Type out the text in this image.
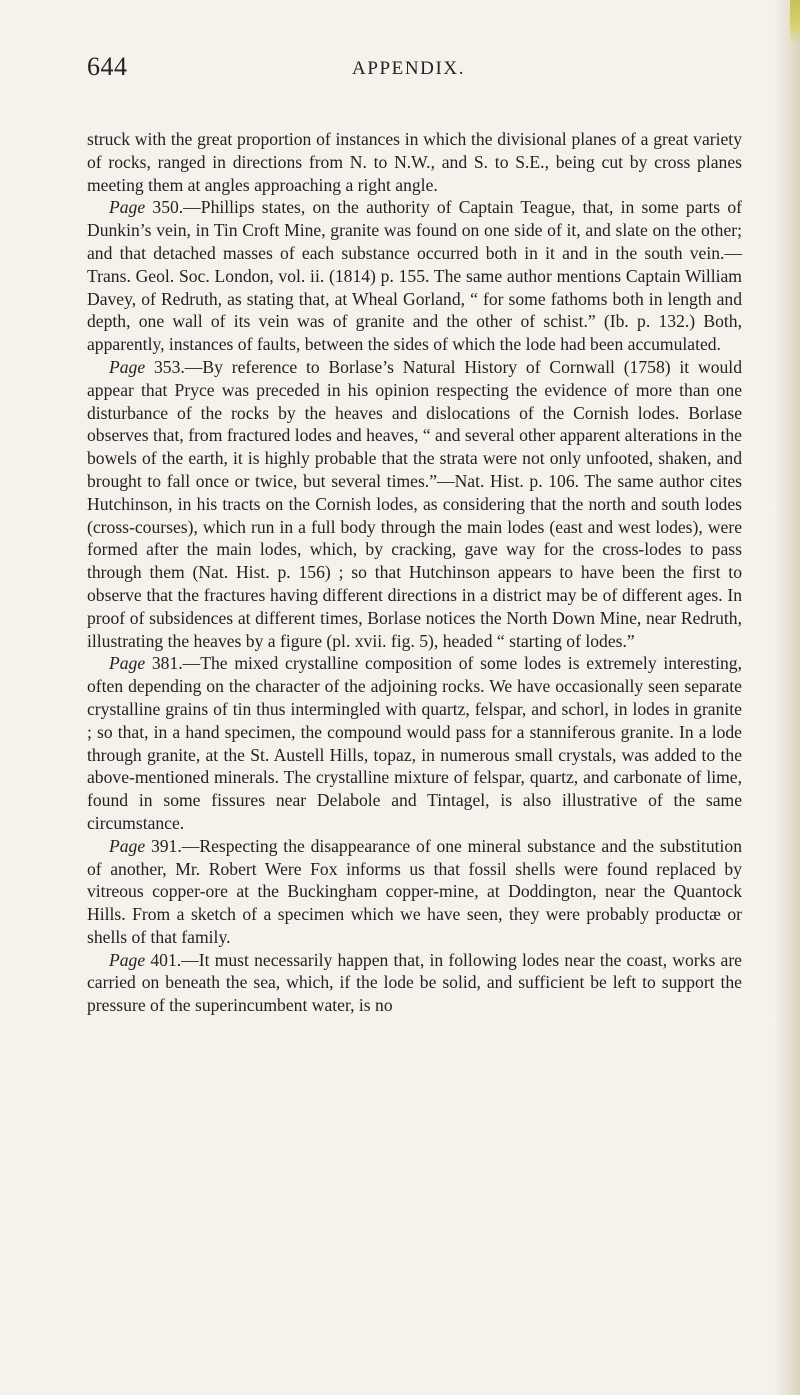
644	APPENDIX.

struck with the great proportion of instances in which the divisional planes of a great variety of rocks, ranged in directions from N. to N.W., and S. to S.E., being cut by cross planes meeting them at angles approaching a right angle.

Page 350.—Phillips states, on the authority of Captain Teague, that, in some parts of Dunkin’s vein, in Tin Croft Mine, granite was found on one side of it, and slate on the other; and that detached masses of each substance occurred both in it and in the south vein.—Trans. Geol. Soc. London, vol. ii. (1814) p. 155. The same author mentions Captain William Davey, of Redruth, as stating that, at Wheal Gorland, “ for some fathoms both in length and depth, one wall of its vein was of granite and the other of schist.” (Ib. p. 132.) Both, apparently, instances of faults, between the sides of which the lode had been accumulated.

Page 353.—By reference to Borlase’s Natural History of Cornwall (1758) it would appear that Pryce was preceded in his opinion respecting the evidence of more than one disturbance of the rocks by the heaves and dislocations of the Cornish lodes. Borlase observes that, from fractured lodes and heaves, “ and several other apparent alterations in the bowels of the earth, it is highly probable that the strata were not only unfooted, shaken, and brought to fall once or twice, but several times.”—Nat. Hist. p. 106. The same author cites Hutchinson, in his tracts on the Cornish lodes, as considering that the north and south lodes (cross-courses), which run in a full body through the main lodes (east and west lodes), were formed after the main lodes, which, by cracking, gave way for the cross-lodes to pass through them (Nat. Hist. p. 156) ; so that Hutchinson appears to have been the first to observe that the fractures having different directions in a district may be of different ages. In proof of subsidences at different times, Borlase notices the North Down Mine, near Redruth, illustrating the heaves by a figure (pl. xvii. fig. 5), headed “ starting of lodes.”

Page 381.—The mixed crystalline composition of some lodes is extremely interesting, often depending on the character of the adjoining rocks. We have occasionally seen separate crystalline grains of tin thus intermingled with quartz, felspar, and schorl, in lodes in granite ; so that, in a hand specimen, the compound would pass for a stanniferous granite. In a lode through granite, at the St. Austell Hills, topaz, in numerous small crystals, was added to the above-mentioned minerals. The crystalline mixture of felspar, quartz, and carbonate of lime, found in some fissures near Delabole and Tintagel, is also illustrative of the same circumstance.

Page 391.—Respecting the disappearance of one mineral substance and the substitution of another, Mr. Robert Were Fox informs us that fossil shells were found replaced by vitreous copper-ore at the Buckingham copper-mine, at Doddington, near the Quantock Hills. From a sketch of a specimen which we have seen, they were probably productæ or shells of that family.

Page 401.—It must necessarily happen that, in following lodes near the coast, works are carried on beneath the sea, which, if the lode be solid, and sufficient be left to support the pressure of the superincumbent water, is no
